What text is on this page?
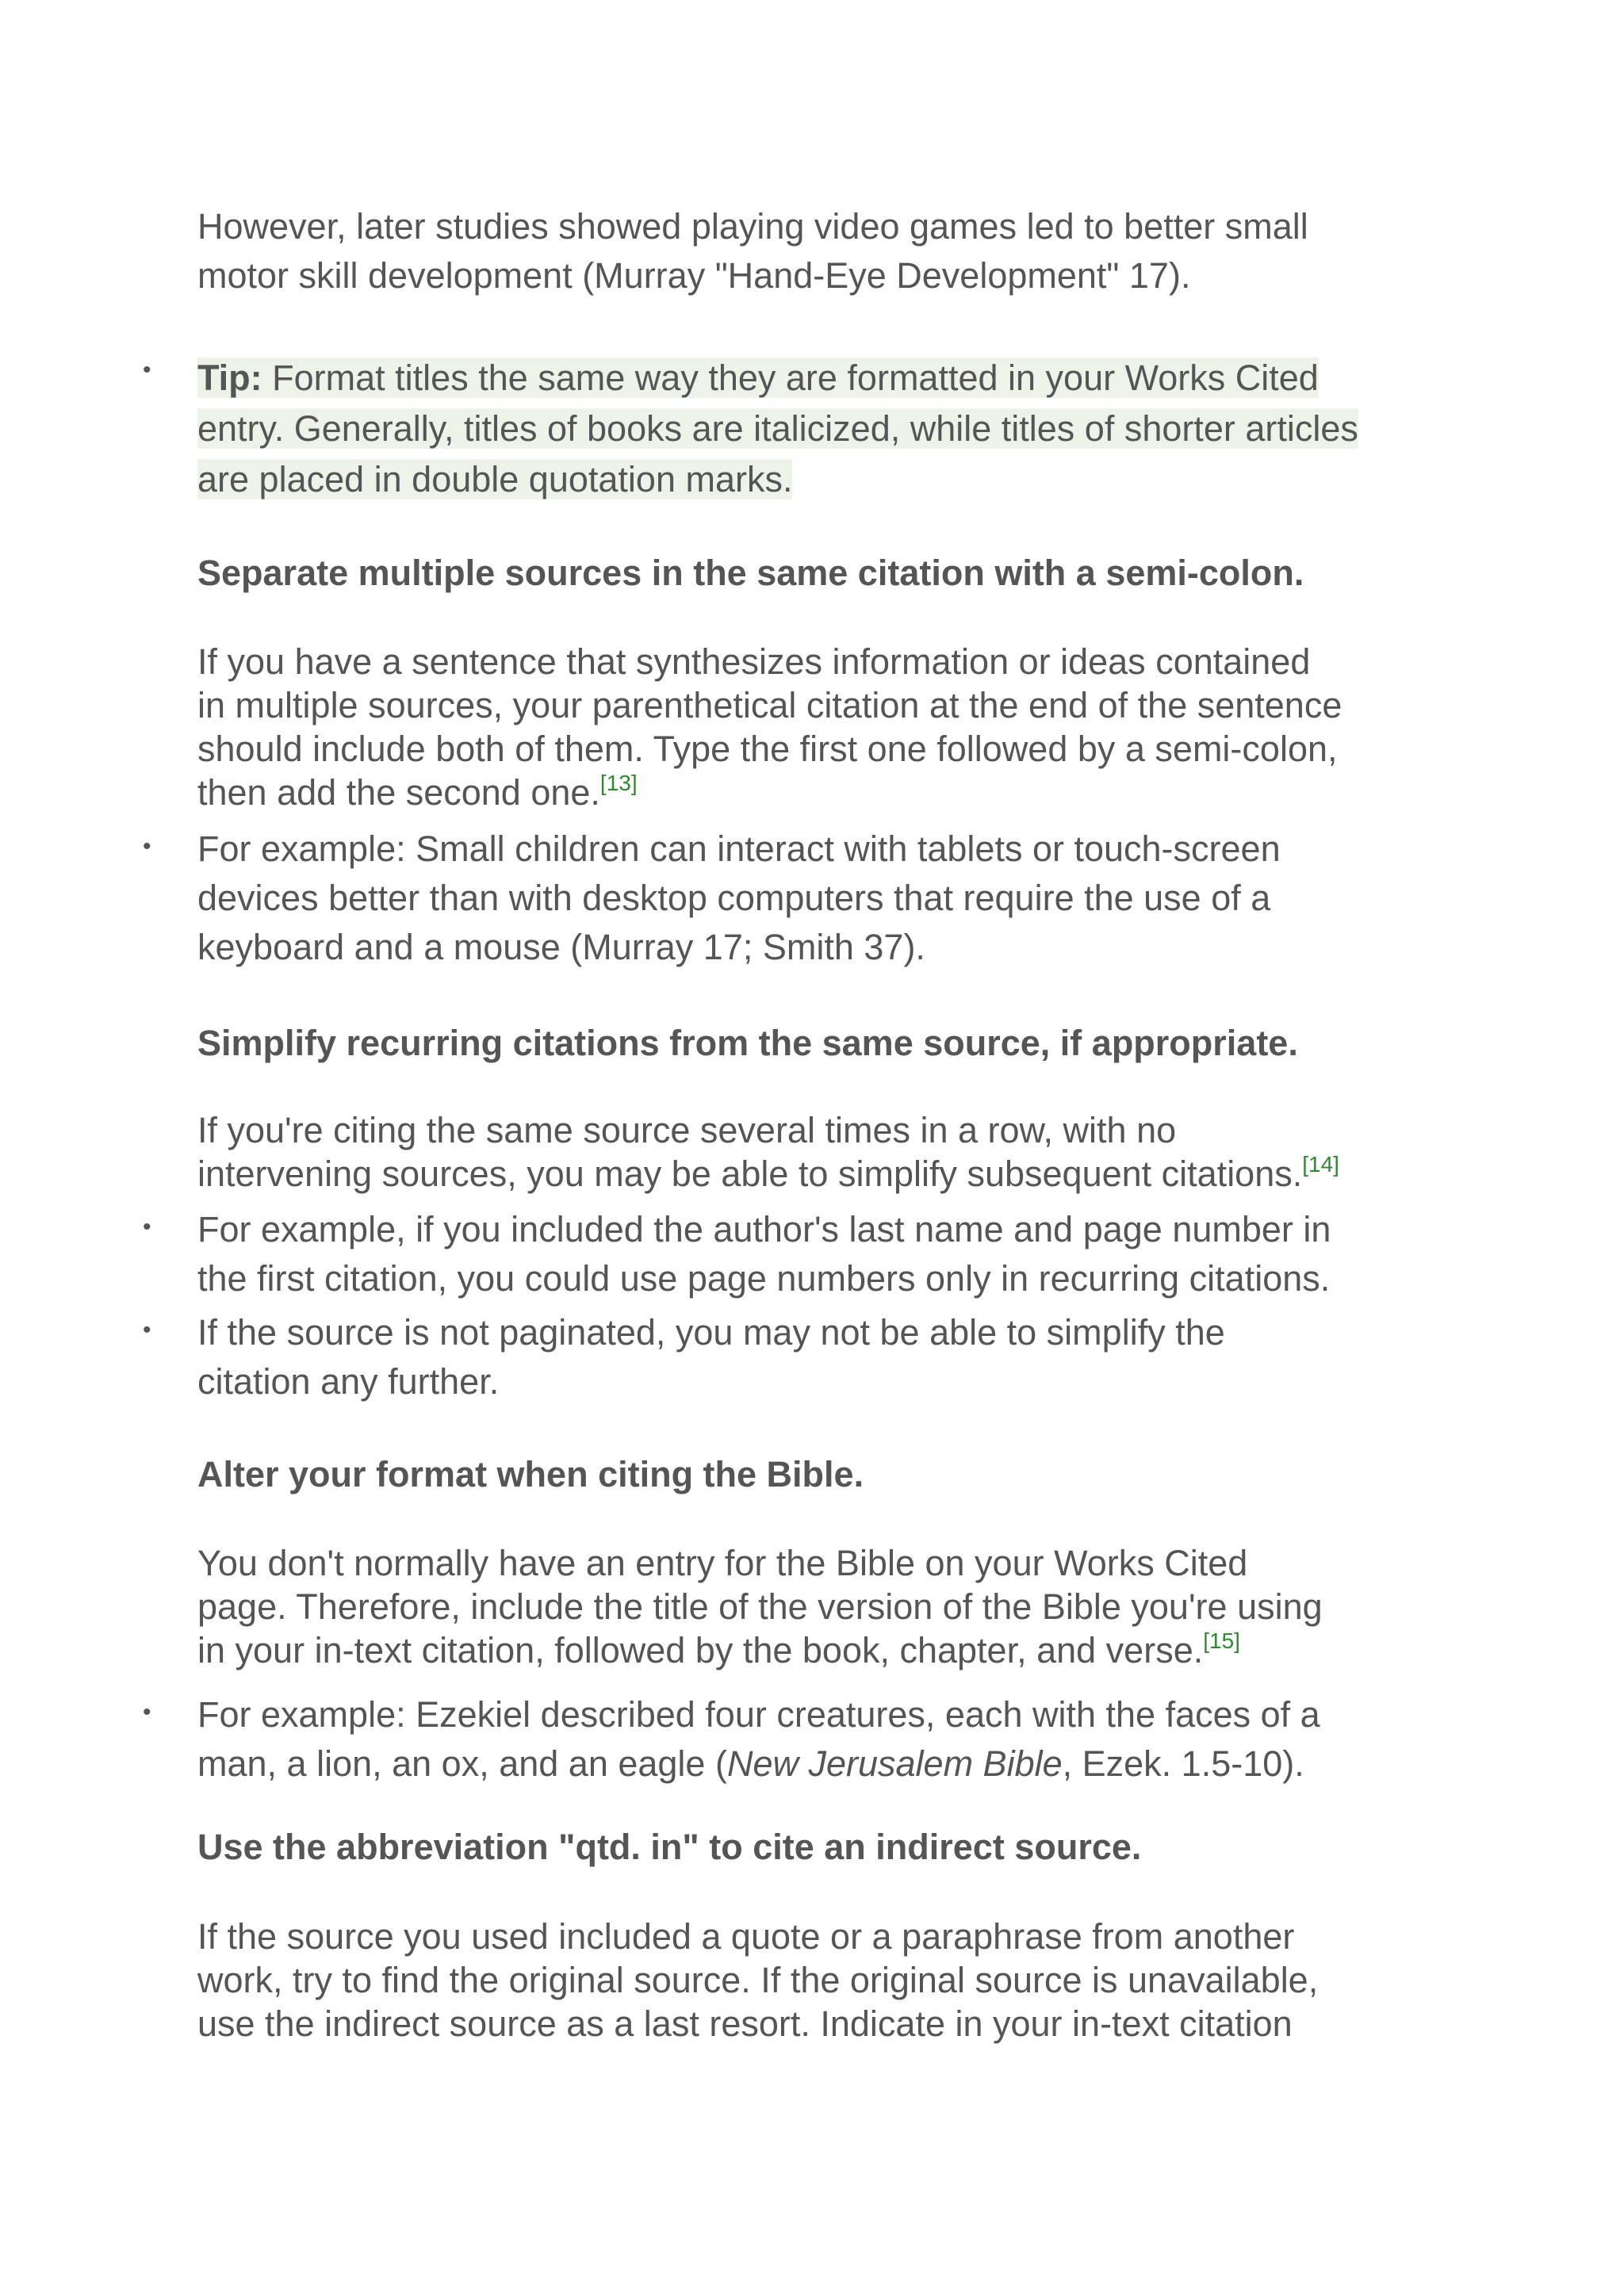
However, later studies showed playing video games led to better small
motor skill development (Murray "Hand-Eye Development" 17).
• Tip: Format titles the same way they are formatted in your Works Cited entry. Generally, titles of books are italicized, while titles of shorter articles are placed in double quotation marks.
Separate multiple sources in the same citation with a semi-colon.
If you have a sentence that synthesizes information or ideas contained
in multiple sources, your parenthetical citation at the end of the sentence
should include both of them. Type the first one followed by a semi-colon,
then add the second one.[13]
• For example: Small children can interact with tablets or touch-screen
devices better than with desktop computers that require the use of a
keyboard and a mouse (Murray 17; Smith 37).
Simplify recurring citations from the same source, if appropriate.
If you're citing the same source several times in a row, with no
intervening sources, you may be able to simplify subsequent citations.[14]
• For example, if you included the author's last name and page number in
the first citation, you could use page numbers only in recurring citations.
• If the source is not paginated, you may not be able to simplify the
citation any further.
Alter your format when citing the Bible.
You don't normally have an entry for the Bible on your Works Cited
page. Therefore, include the title of the version of the Bible you're using
in your in-text citation, followed by the book, chapter, and verse.[15]
• For example: Ezekiel described four creatures, each with the faces of a
man, a lion, an ox, and an eagle (New Jerusalem Bible, Ezek. 1.5-10).
Use the abbreviation "qtd. in" to cite an indirect source.
If the source you used included a quote or a paraphrase from another
work, try to find the original source. If the original source is unavailable,
use the indirect source as a last resort. Indicate in your in-text citation
